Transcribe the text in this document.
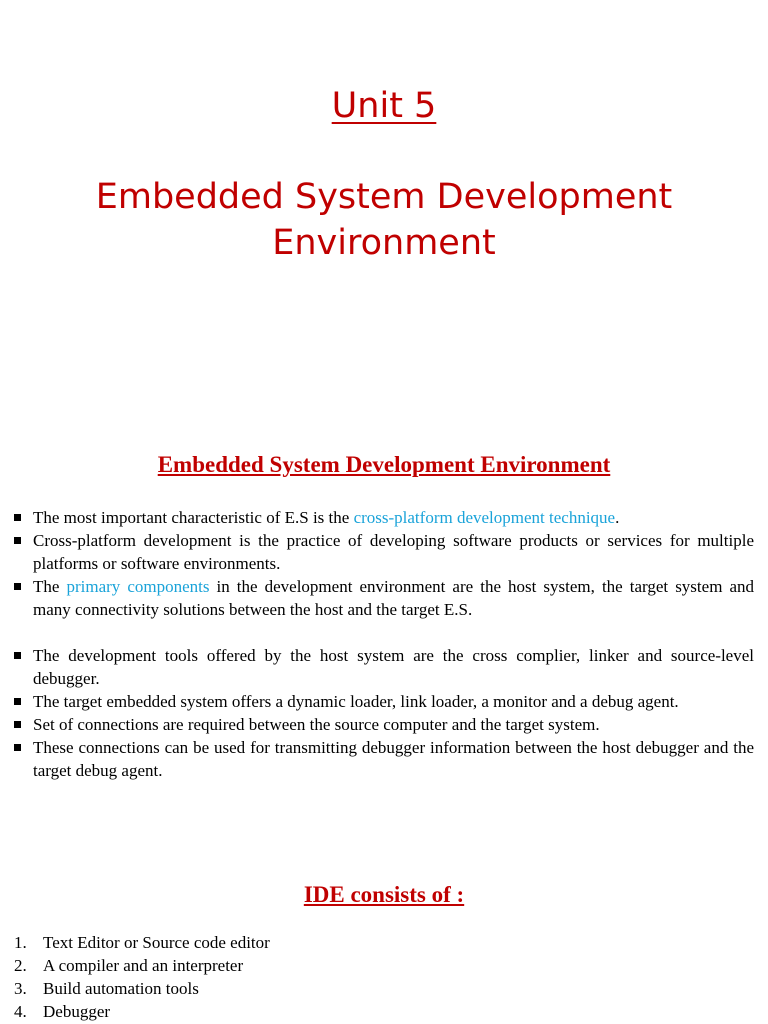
Unit 5
Embedded System Development
Environment
Embedded System Development Environment
The most important characteristic of E.S is the cross-platform development technique.
Cross-platform development is the practice of developing software products or services for multiple platforms or software environments.
The primary components in the development environment are the host system, the target system and many connectivity solutions between the host and the target E.S.
The development tools offered by the host system are the cross complier, linker and source-level debugger.
The target embedded system offers a dynamic loader, link loader, a monitor and a debug agent.
Set of connections are required between the source computer and the target system.
These connections can be used for transmitting debugger information between the host debugger and the target debug agent.
IDE consists of :
1. Text Editor or Source code editor
2. A compiler and an interpreter
3. Build automation tools
4. Debugger
